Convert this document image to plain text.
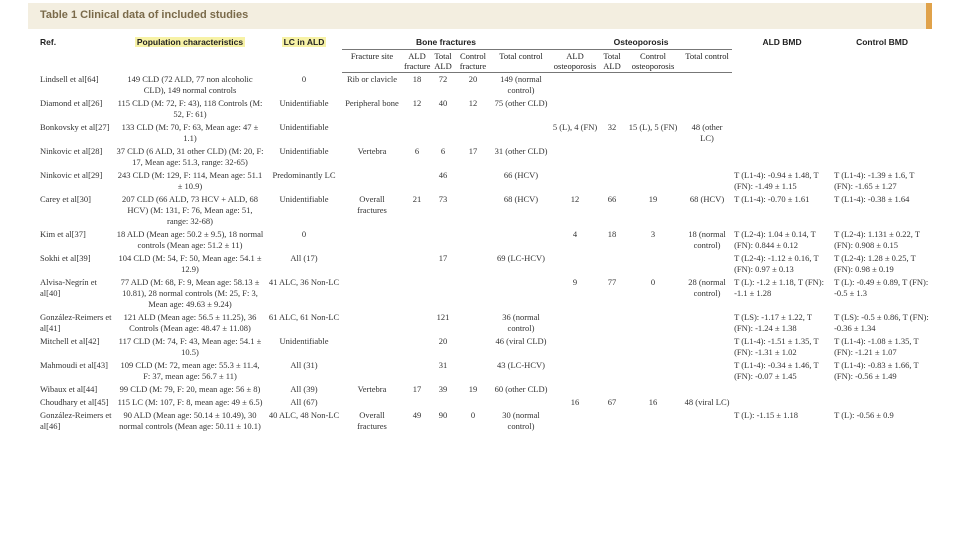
Table 1 Clinical data of included studies
Ref.	Population characteristics	LC in ALD	Bone fractures					Osteoporosis				ALD BMD	Control BMD
			Fracture site	ALD fracture	Total ALD	Control fracture	Total control	ALD osteoporosis	Total ALD	Control osteoporosis	Total control		
Lindsell et al[64]	149 CLD (72 ALD, 77 non alcoholic CLD), 149 normal controls	0	Rib or clavicle	18	72	20	149 (normal control)						
Diamond et al[26]	115 CLD (M: 72, F: 43), 118 Controls (M: 52, F: 61)	Unidentifiable	Peripheral bone	12	40	12	75 (other CLD)						
Bonkovsky et al[27]	133 CLD (M: 70, F: 63, Mean age: 47 ± 1.1)	Unidentifiable						5 (L), 4 (FN)	32	15 (L), 5 (FN)	48 (other LC)		
Ninkovic et al[28]	37 CLD (6 ALD, 31 other CLD) (M: 20, F: 17, Mean age: 51.3, range: 32-65)	Unidentifiable	Vertebra	6	6	17	31 (other CLD)						
Ninkovic et al[29]	243 CLD (M: 129, F: 114, Mean age: 51.1 ± 10.9)	Predominantly LC			46		66 (HCV)					T (L1-4): -0.94 ± 1.48, T (FN): -1.49 ± 1.15	T (L1-4): -1.39 ± 1.6, T (FN): -1.65 ± 1.27
Carey et al[30]	207 CLD (66 ALD, 73 HCV + ALD, 68 HCV) (M: 131, F: 76, Mean age: 51, range: 32-68)	Unidentifiable	Overall fractures	21	73		68 (HCV)	12	66	19	68 (HCV)	T (L1-4): -0.70 ± 1.61	T (L1-4): -0.38 ± 1.64
Kim et al[37]	18 ALD (Mean age: 50.2 ± 9.5), 18 normal controls (Mean age: 51.2 ± 11)	0						4	18	3	18 (normal control)	T (L2-4): 1.04 ± 0.14, T (FN): 0.844 ± 0.12	T (L2-4): 1.131 ± 0.22, T (FN): 0.908 ± 0.15
Sokhi et al[39]	104 CLD (M: 54, F: 50, Mean age: 54.1 ± 12.9)	All (17)			17		69 (LC-HCV)					T (L2-4): -1.12 ± 0.16, T (FN): 0.97 ± 0.13	T (L2-4): 1.28 ± 0.25, T (FN): 0.98 ± 0.19
Alvisa-Negrín et al[40]	77 ALD (M: 68, F: 9, Mean age: 58.13 ± 10.81), 28 normal controls (M: 25, F: 3, Mean age: 49.63 ± 9.24)	41 ALC, 36 Non-LC						9	77	0	28 (normal control)	T (L): -1.2 ± 1.18, T (FN): -1.1 ± 1.28	T (L): -0.49 ± 0.89, T (FN): -0.5 ± 1.3
González-Reimers et al[41]	121 ALD (Mean age: 56.5 ± 11.25), 36 Controls (Mean age: 48.47 ± 11.08)	61 ALC, 61 Non-LC			121		36 (normal control)					T (LS): -1.17 ± 1.22, T (FN): -1.24 ± 1.38	T (LS): -0.5 ± 0.86, T (FN): -0.36 ± 1.34
Mitchell et al[42]	117 CLD (M: 74, F: 43, Mean age: 54.1 ± 10.5)	Unidentifiable			20		46 (viral CLD)					T (L1-4): -1.51 ± 1.35, T (FN): -1.31 ± 1.02	T (L1-4): -1.08 ± 1.35, T (FN): -1.21 ± 1.07
Mahmoudi et al[43]	109 CLD (M: 72, mean age: 55.3 ± 11.4, F: 37, mean age: 56.7 ± 11)	All (31)			31		43 (LC-HCV)					T (L1-4): -0.34 ± 1.46, T (FN): -0.07 ± 1.45	T (L1-4): -0.83 ± 1.66, T (FN): -0.56 ± 1.49
Wibaux et al[44]	99 CLD (M: 79, F: 20, mean age: 56 ± 8)	All (39)	Vertebra	17	39	19	60 (other CLD)						
Choudhary et al[45]	115 LC (M: 107, F: 8, mean age: 49 ± 6.5)	All (67)						16	67	16	48 (viral LC)		
González-Reimers et al[46]	90 ALD (Mean age: 50.14 ± 10.49), 30 normal controls (Mean age: 50.11 ± 10.1)	40 ALC, 48 Non-LC	Overall fractures	49	90	0	30 (normal control)					T (L): -1.15 ± 1.18	T (L): -0.56 ± 0.9
